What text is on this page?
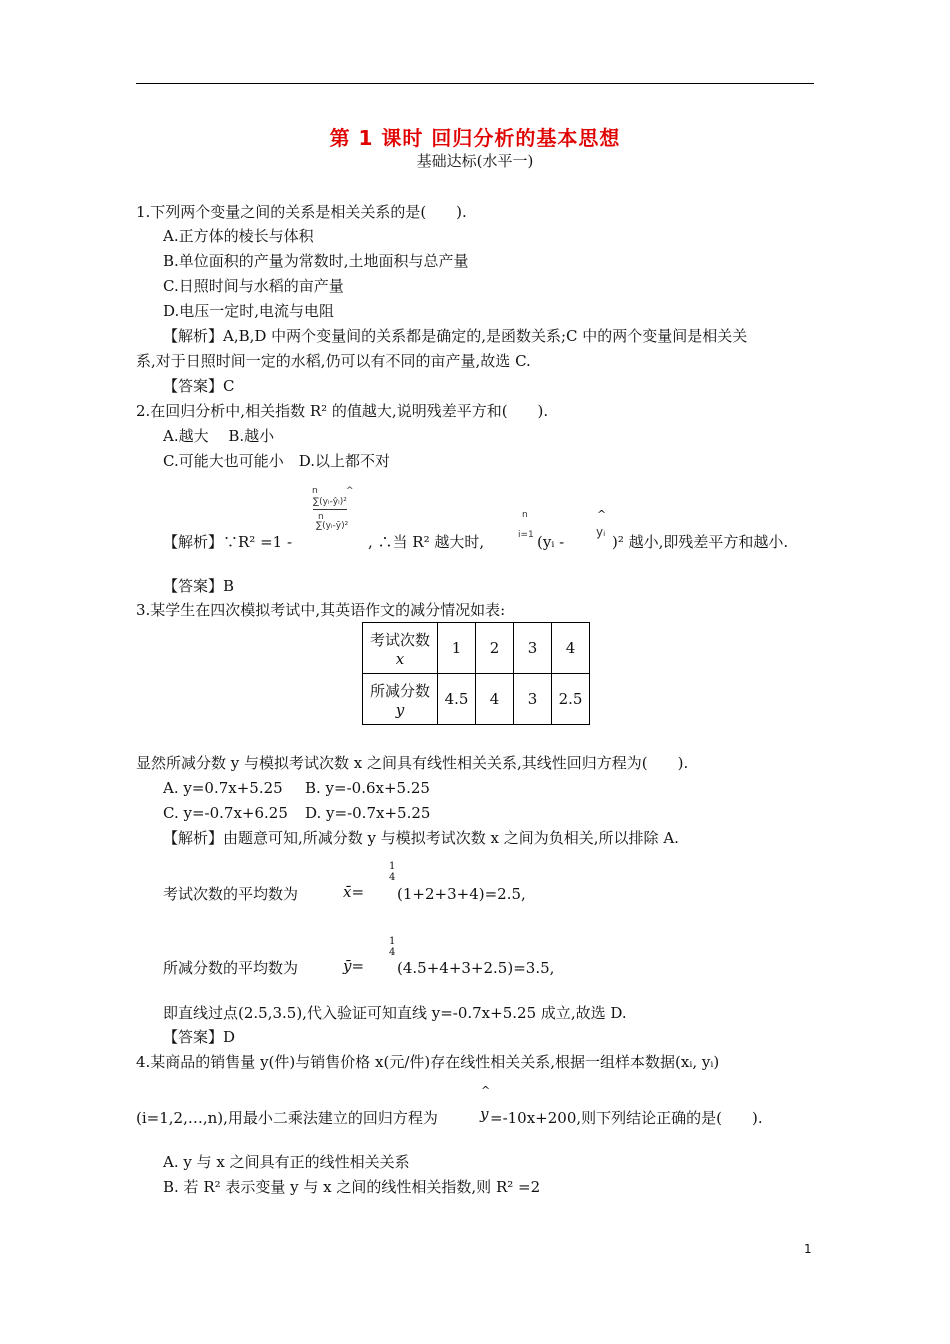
第 1 课时 回归分析的基本思想
基础达标(水平一)
1.下列两个变量之间的关系是相关关系的是(　　).
A.正方体的棱长与体积
B.单位面积的产量为常数时,土地面积与总产量
C.日照时间与水稻的亩产量
D.电压一定时,电流与电阻
【解析】A,B,D 中两个变量间的关系都是确定的,是函数关系;C 中的两个变量间是相关关
系,对于日照时间一定的水稻,仍可以有不同的亩产量,故选 C.
【答案】C
2.在回归分析中,相关指数 R² 的值越大,说明残差平方和(　　).
A.越大　 B.越小
C.可能大也可能小　D.以上都不对
n	^
∑(yᵢ-ŷᵢ)²
n
∑(yᵢ-ȳ)²
【解析】∵R² =1 -	, ∴当 R² 越大时,
n
i=1 (yᵢ -
^
yᵢ
)² 越小,即残差平方和越小.
【答案】B
3.某学生在四次模拟考试中,其英语作文的减分情况如表:
考试次数
x	1	2	3	4

所减分数
y	4.5	4	3	2.5
显然所减分数 y 与模拟考试次数 x 之间具有线性相关关系,其线性回归方程为(　　).
A. y=0.7x+5.25 B. y=-0.6x+5.25
C. y=-0.7x+6.25 D. y=-0.7x+5.25
【解析】由题意可知,所减分数 y 与模拟考试次数 x 之间为负相关,所以排除 A.
考试次数的平均数为	x̄=
1
4
(1+2+3+4)=2.5,
所减分数的平均数为	ȳ=
1
4
(4.5+4+3+2.5)=3.5,
即直线过点(2.5,3.5),代入验证可知直线 y=-0.7x+5.25 成立,故选 D.
【答案】D
4.某商品的销售量 y(件)与销售价格 x(元/件)存在线性相关关系,根据一组样本数据(xᵢ, yᵢ)
^
(i=1,2,…,n),用最小二乘法建立的回归方程为	y =-10x+200,则下列结论正确的是(　　).
A. y 与 x 之间具有正的线性相关关系
B. 若 R² 表示变量 y 与 x 之间的线性相关指数,则 R² =2
1
